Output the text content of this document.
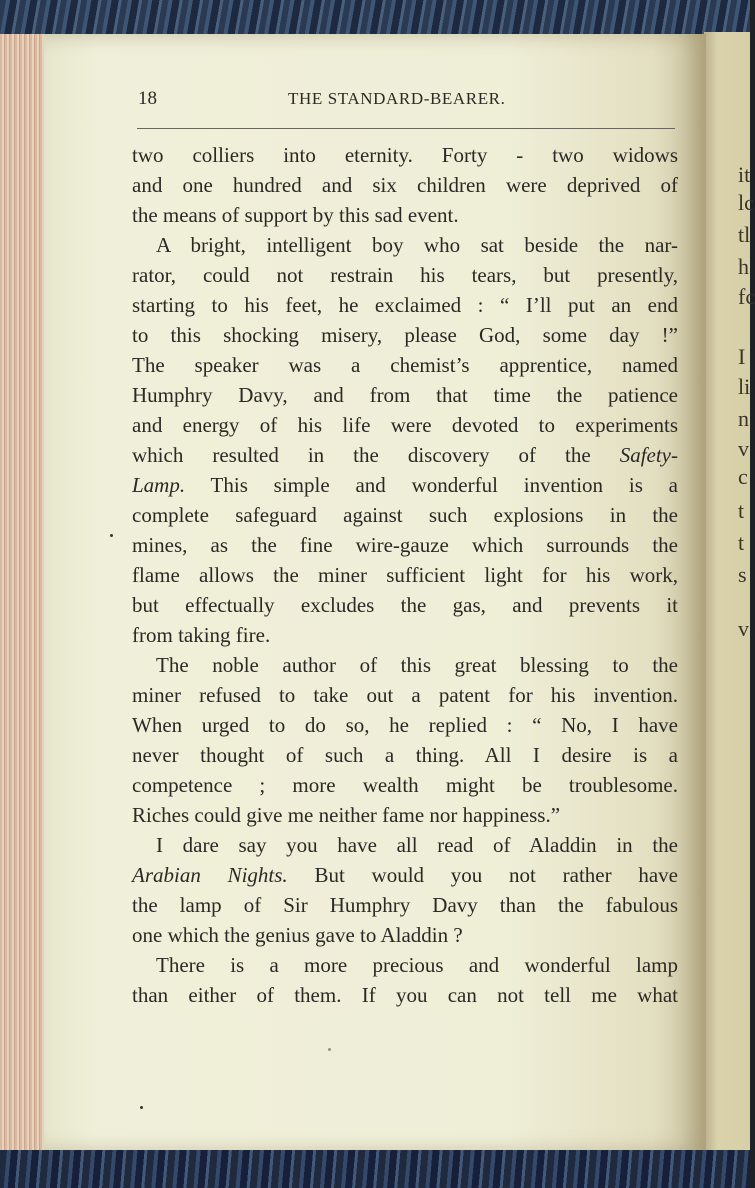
it
lc
tl
h
fc
I
li
n
v
c
t
t
s
v
18	THE STANDARD-BEARER.
two colliers into eternity. Forty - two widows
and one hundred and six children were deprived of
the means of support by this sad event.
A bright, intelligent boy who sat beside the nar-
rator, could not restrain his tears, but presently,
starting to his feet, he exclaimed : “ I’ll put an end
to this shocking misery, please God, some day !”
The speaker was a chemist’s apprentice, named
Humphry Davy, and from that time the patience
and energy of his life were devoted to experiments
which resulted in the discovery of the Safety-
Lamp. This simple and wonderful invention is a
complete safeguard against such explosions in the
mines, as the fine wire-gauze which surrounds the
flame allows the miner sufficient light for his work,
but effectually excludes the gas, and prevents it
from taking fire.
The noble author of this great blessing to the
miner refused to take out a patent for his invention.
When urged to do so, he replied : “ No, I have
never thought of such a thing. All I desire is a
competence ; more wealth might be troublesome.
Riches could give me neither fame nor happiness.”
I dare say you have all read of Aladdin in the
Arabian Nights. But would you not rather have
the lamp of Sir Humphry Davy than the fabulous
one which the genius gave to Aladdin ?
There is a more precious and wonderful lamp
than either of them. If you can not tell me what
